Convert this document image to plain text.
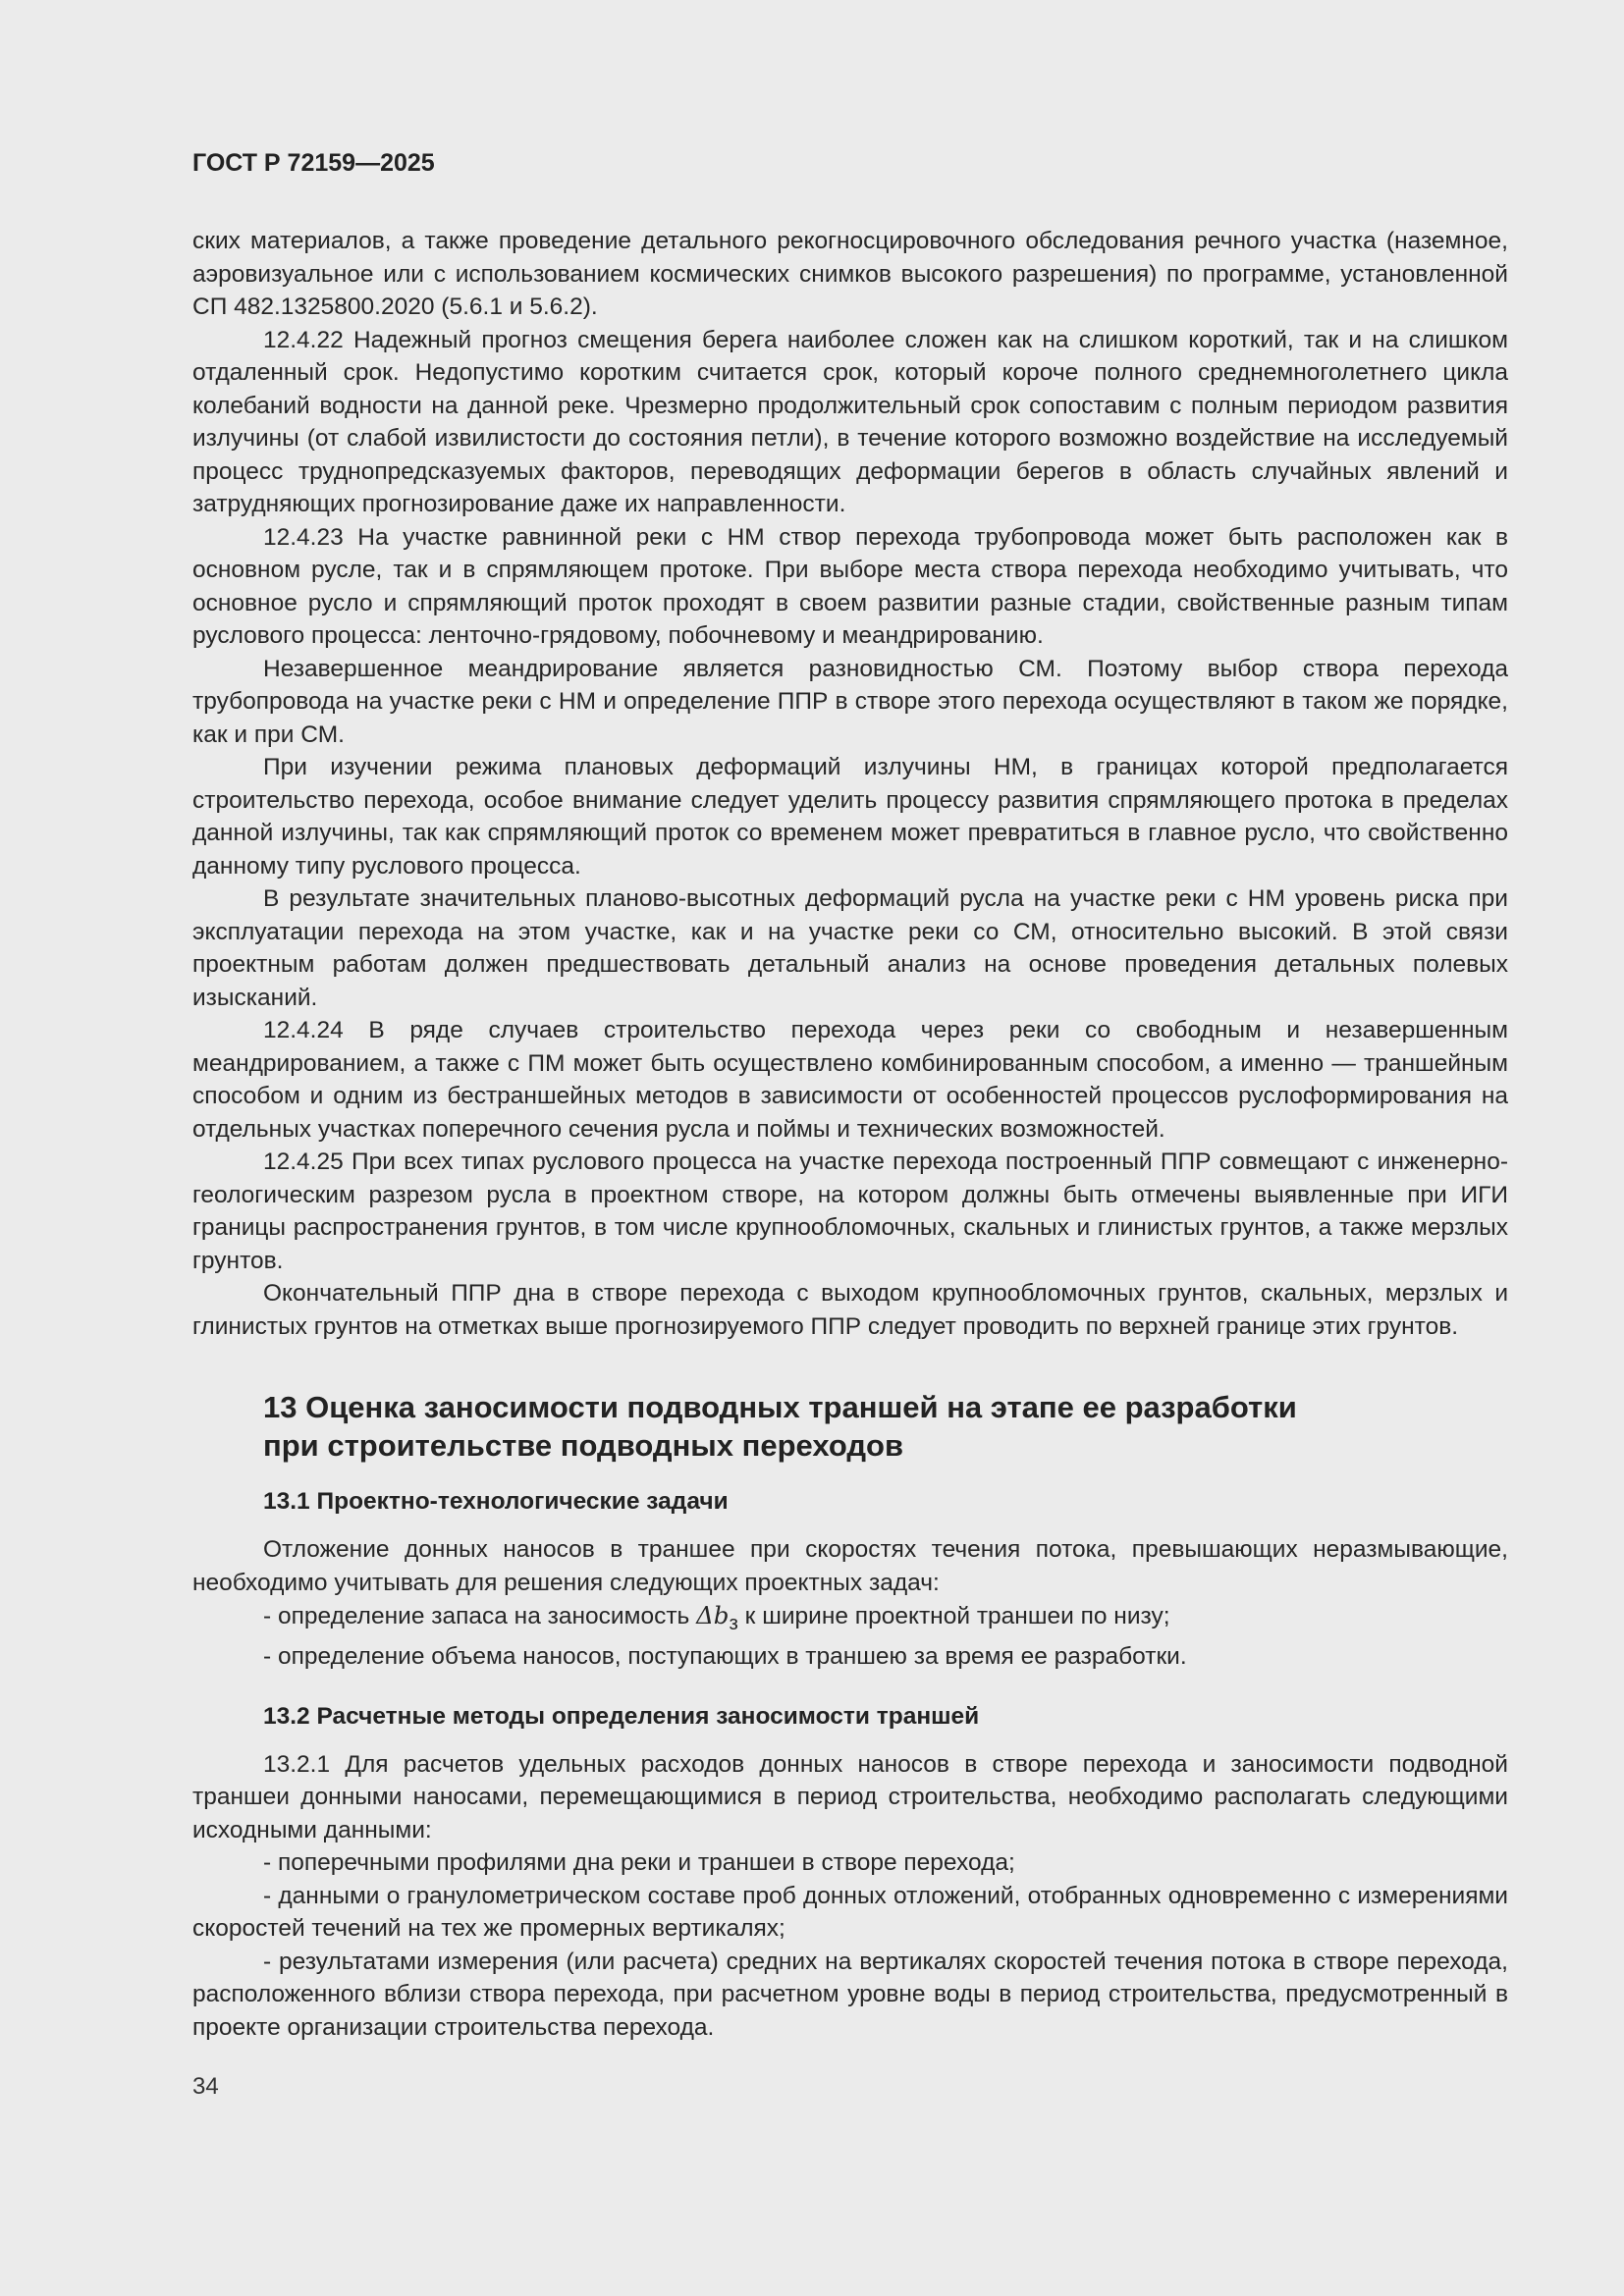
ГОСТ Р 72159—2025

ских материалов, а также проведение детального рекогносцировочного обследования речного участка (наземное, аэровизуальное или с использованием космических снимков высокого разрешения) по программе, установленной СП 482.1325800.2020 (5.6.1 и 5.6.2).

12.4.22 Надежный прогноз смещения берега наиболее сложен как на слишком короткий, так и на слишком отдаленный срок. Недопустимо коротким считается срок, который короче полного среднемноголетнего цикла колебаний водности на данной реке. Чрезмерно продолжительный срок сопоставим с полным периодом развития излучины (от слабой извилистости до состояния петли), в течение которого возможно воздействие на исследуемый процесс труднопредсказуемых факторов, переводящих деформации берегов в область случайных явлений и затрудняющих прогнозирование даже их направленности.

12.4.23 На участке равнинной реки с НМ створ перехода трубопровода может быть расположен как в основном русле, так и в спрямляющем протоке. При выборе места створа перехода необходимо учитывать, что основное русло и спрямляющий проток проходят в своем развитии разные стадии, свойственные разным типам руслового процесса: ленточно-грядовому, побочневому и меандрированию.

Незавершенное меандрирование является разновидностью СМ. Поэтому выбор створа перехода трубопровода на участке реки с НМ и определение ППР в створе этого перехода осуществляют в таком же порядке, как и при СМ.

При изучении режима плановых деформаций излучины НМ, в границах которой предполагается строительство перехода, особое внимание следует уделить процессу развития спрямляющего протока в пределах данной излучины, так как спрямляющий проток со временем может превратиться в главное русло, что свойственно данному типу руслового процесса.

В результате значительных планово-высотных деформаций русла на участке реки с НМ уровень риска при эксплуатации перехода на этом участке, как и на участке реки со СМ, относительно высокий. В этой связи проектным работам должен предшествовать детальный анализ на основе проведения детальных полевых изысканий.

12.4.24 В ряде случаев строительство перехода через реки со свободным и незавершенным меандрированием, а также с ПМ может быть осуществлено комбинированным способом, а именно — траншейным способом и одним из бестраншейных методов в зависимости от особенностей процессов руслоформирования на отдельных участках поперечного сечения русла и поймы и технических возможностей.

12.4.25 При всех типах руслового процесса на участке перехода построенный ППР совмещают с инженерно-геологическим разрезом русла в проектном створе, на котором должны быть отмечены выявленные при ИГИ границы распространения грунтов, в том числе крупнообломочных, скальных и глинистых грунтов, а также мерзлых грунтов.

Окончательный ППР дна в створе перехода с выходом крупнообломочных грунтов, скальных, мерзлых и глинистых грунтов на отметках выше прогнозируемого ППР следует проводить по верхней границе этих грунтов.

13 Оценка заносимости подводных траншей на этапе ее разработки
при строительстве подводных переходов
13.1 Проектно-технологические задачи

Отложение донных наносов в траншее при скоростях течения потока, превышающих неразмывающие, необходимо учитывать для решения следующих проектных задач:

- определение запаса на заносимость $\Delta b_з$ к ширине проектной траншеи по низу;

- определение объема наносов, поступающих в траншею за время ее разработки.

13.2 Расчетные методы определения заносимости траншей

13.2.1 Для расчетов удельных расходов донных наносов в створе перехода и заносимости подводной траншеи донными наносами, перемещающимися в период строительства, необходимо располагать следующими исходными данными:

- поперечными профилями дна реки и траншеи в створе перехода;

- данными о гранулометрическом составе проб донных отложений, отобранных одновременно с измерениями скоростей течений на тех же промерных вертикалях;

- результатами измерения (или расчета) средних на вертикалях скоростей течения потока в створе перехода, расположенного вблизи створа перехода, при расчетном уровне воды в период строительства, предусмотренный в проекте организации строительства перехода.

34
